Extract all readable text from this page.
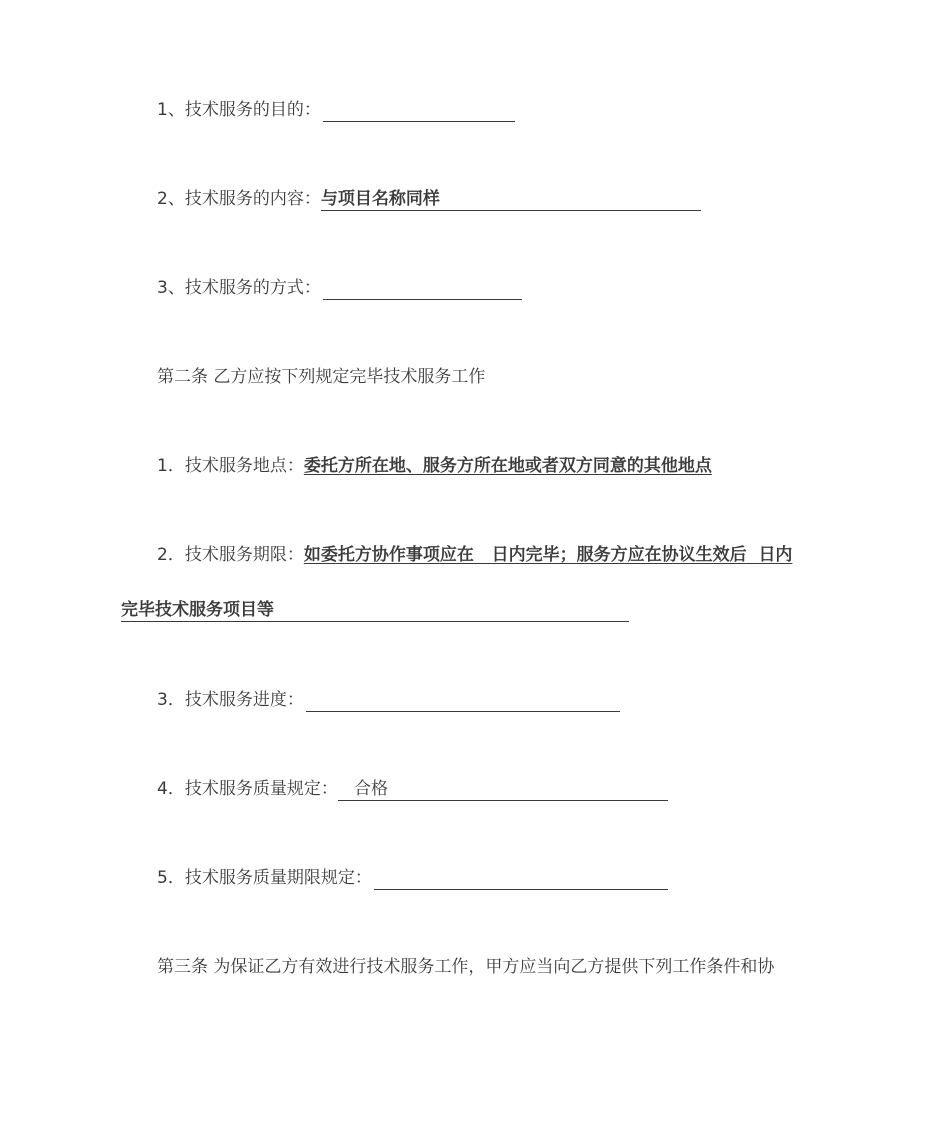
1、技术服务的目的：
2、技术服务的内容：与项目名称同样
3、技术服务的方式：
第二条 乙方应按下列规定完毕技术服务工作
1．技术服务地点：委托方所在地、服务方所在地或者双方同意的其他地点
2．技术服务期限：如委托方协作事项应在 日内完毕；服务方应在协议生效后 日内
完毕技术服务项目等
3．技术服务进度：
4．技术服务质量规定： 合格
5．技术服务质量期限规定：
第三条 为保证乙方有效进行技术服务工作，甲方应当向乙方提供下列工作条件和协
